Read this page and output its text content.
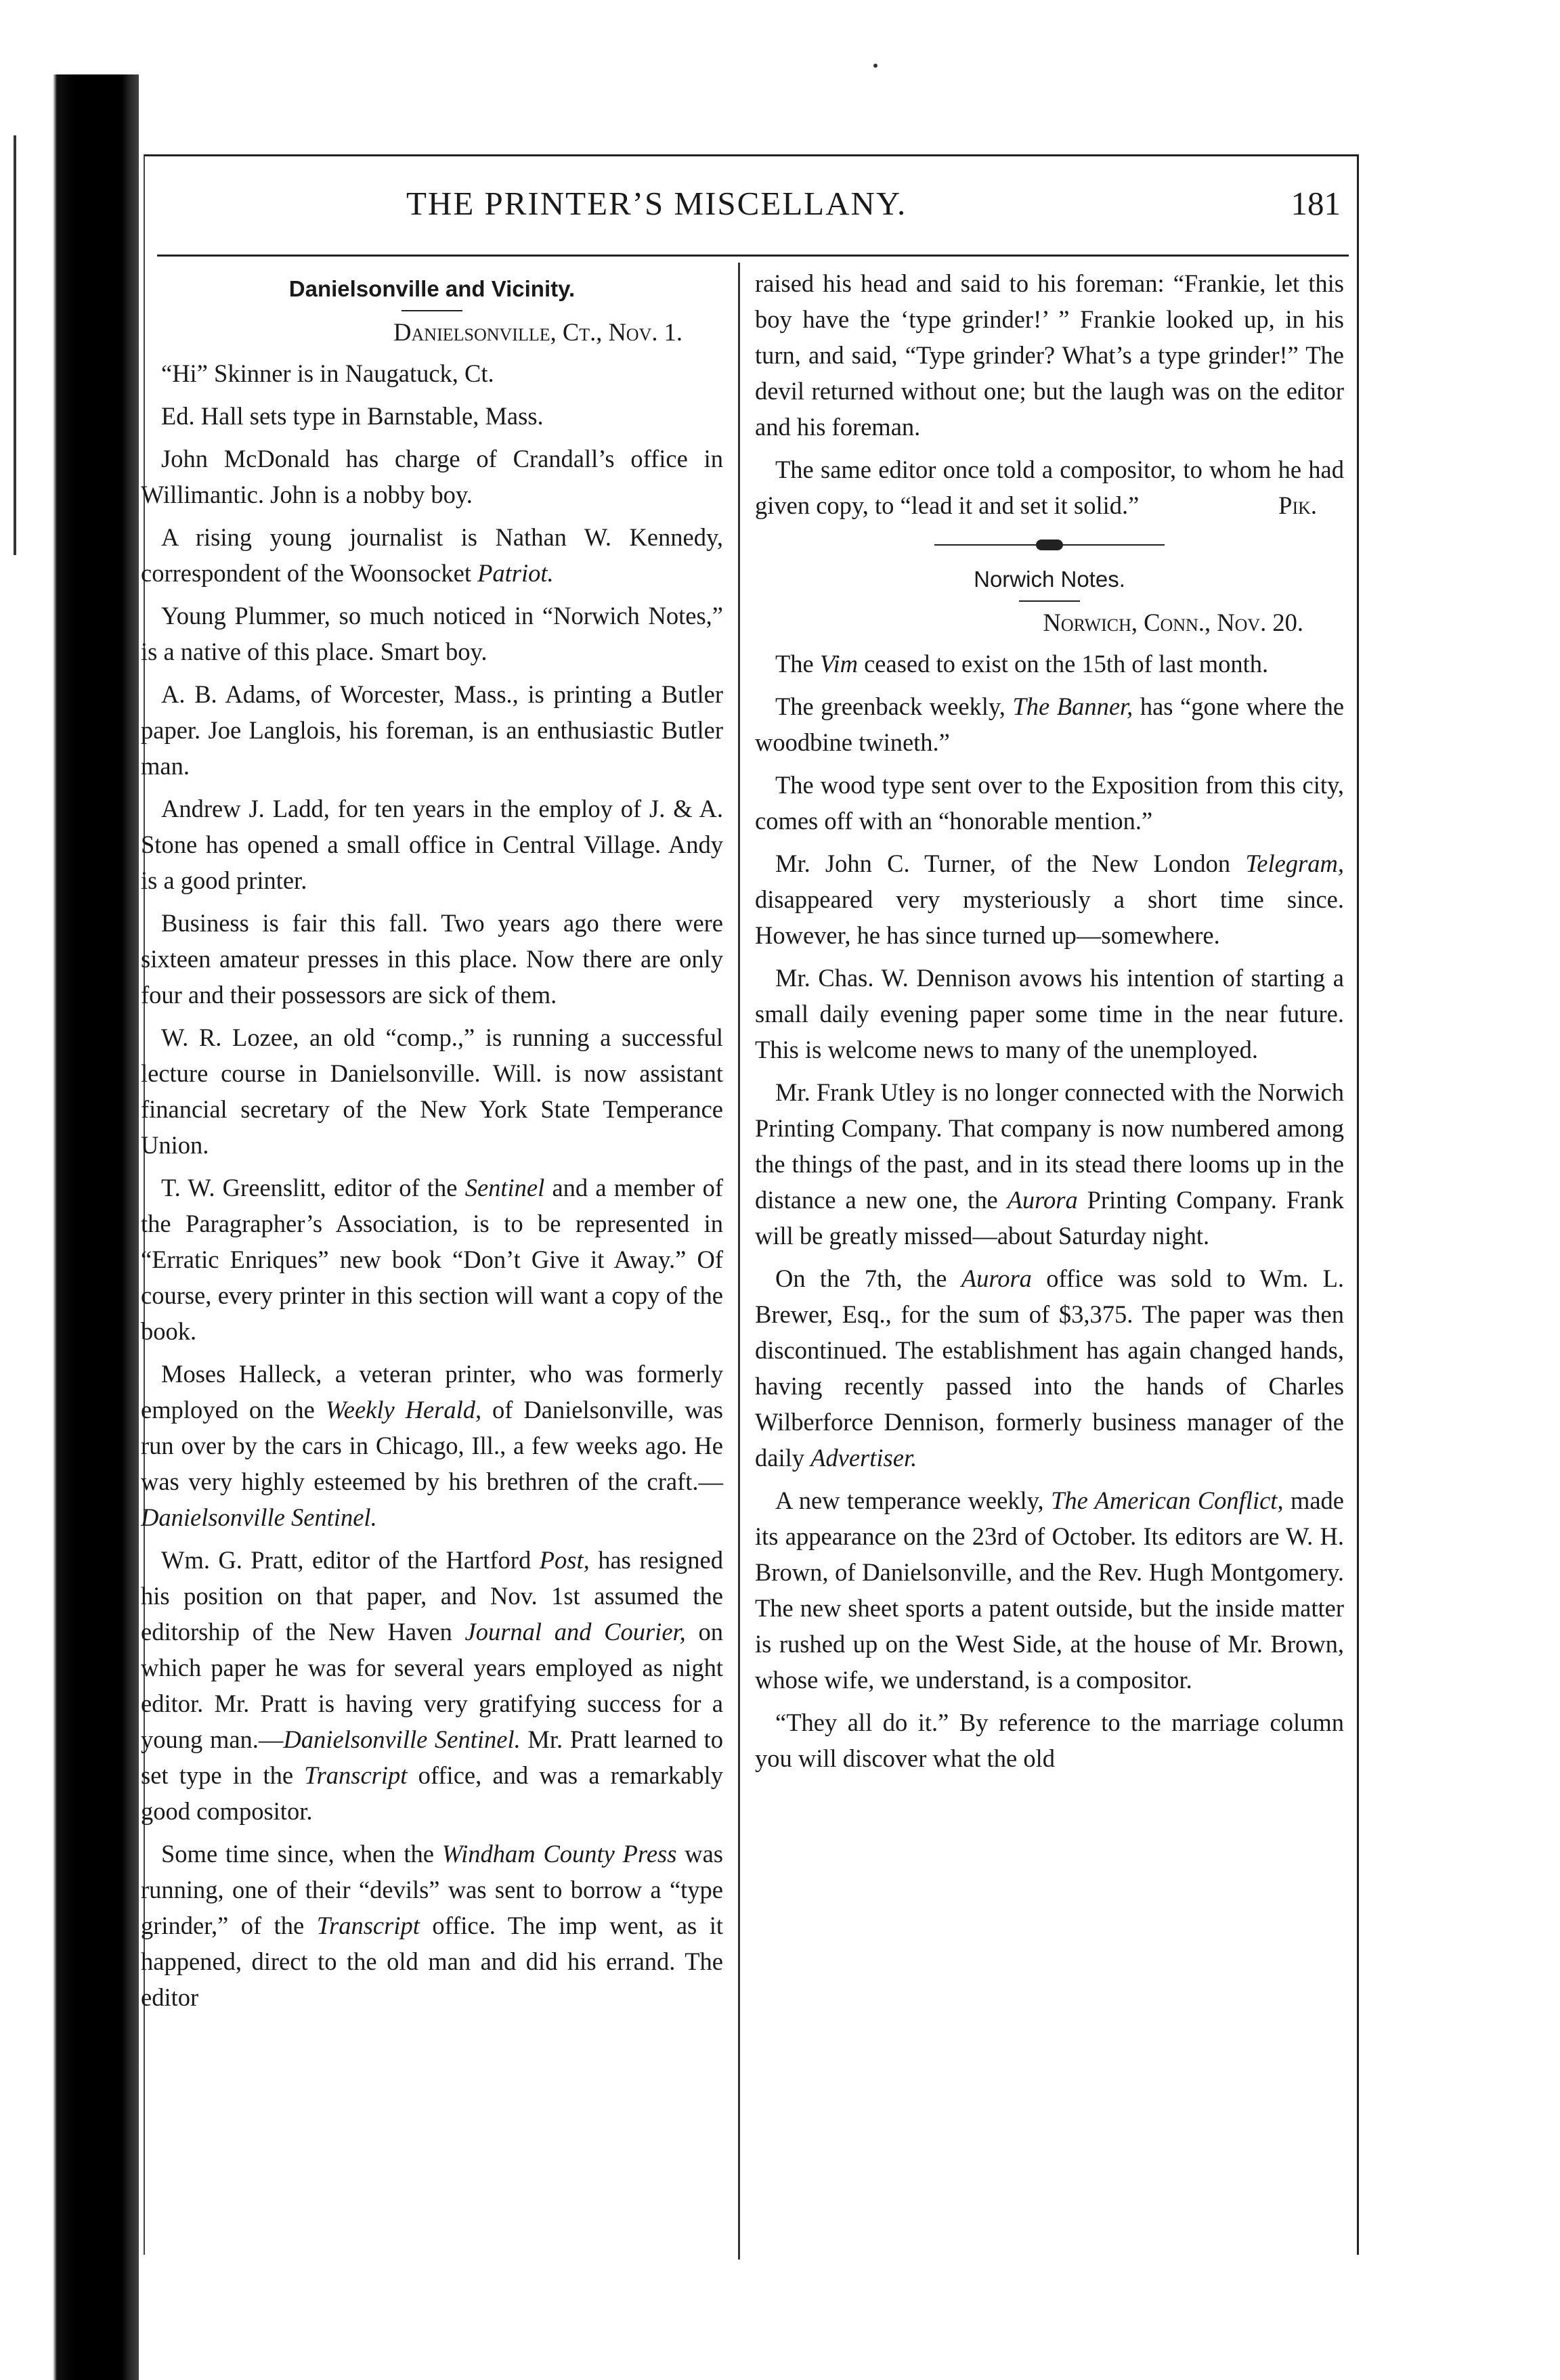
THE PRINTER’S MISCELLANY.	181
Danielsonville and Vicinity.
Danielsonville, Ct., Nov. 1.

“Hi” Skinner is in Naugatuck, Ct.

Ed. Hall sets type in Barnstable, Mass.

John McDonald has charge of Crandall’s office in Willimantic. John is a nobby boy.

A rising young journalist is Nathan W. Kennedy, correspondent of the Woonsocket Patriot.

Young Plummer, so much noticed in “Norwich Notes,” is a native of this place. Smart boy.

A. B. Adams, of Worcester, Mass., is printing a Butler paper. Joe Langlois, his foreman, is an enthusiastic Butler man.

Andrew J. Ladd, for ten years in the employ of J. & A. Stone has opened a small office in Central Village. Andy is a good printer.

Business is fair this fall. Two years ago there were sixteen amateur presses in this place. Now there are only four and their possessors are sick of them.

W. R. Lozee, an old “comp.,” is running a successful lecture course in Danielsonville. Will. is now assistant financial secretary of the New York State Temperance Union.

T. W. Greenslitt, editor of the Sentinel and a member of the Paragrapher’s Association, is to be represented in “Erratic Enriques” new book “Don’t Give it Away.” Of course, every printer in this section will want a copy of the book.

Moses Halleck, a veteran printer, who was formerly employed on the Weekly Herald, of Danielsonville, was run over by the cars in Chicago, Ill., a few weeks ago. He was very highly esteemed by his brethren of the craft.—Danielsonville Sentinel.

Wm. G. Pratt, editor of the Hartford Post, has resigned his position on that paper, and Nov. 1st assumed the editorship of the New Haven Journal and Courier, on which paper he was for several years employed as night editor. Mr. Pratt is having very gratifying success for a young man.—Danielsonville Sentinel. Mr. Pratt learned to set type in the Transcript office, and was a remarkably good compositor.

Some time since, when the Windham County Press was running, one of their “devils” was sent to borrow a “type grinder,” of the Transcript office. The imp went, as it happened, direct to the old man and did his errand. The editor

raised his head and said to his foreman: “Frankie, let this boy have the ‘type grinder!’ ” Frankie looked up, in his turn, and said, “Type grinder? What’s a type grinder!” The devil returned without one; but the laugh was on the editor and his foreman.

The same editor once told a compositor, to whom he had given copy, to “lead it and set it solid.”	Pik.

Norwich Notes.
Norwich, Conn., Nov. 20.

The Vim ceased to exist on the 15th of last month.

The greenback weekly, The Banner, has “gone where the woodbine twineth.”

The wood type sent over to the Exposition from this city, comes off with an “honorable mention.”

Mr. John C. Turner, of the New London Telegram, disappeared very mysteriously a short time since. However, he has since turned up—somewhere.

Mr. Chas. W. Dennison avows his intention of starting a small daily evening paper some time in the near future. This is welcome news to many of the unemployed.

Mr. Frank Utley is no longer connected with the Norwich Printing Company. That company is now numbered among the things of the past, and in its stead there looms up in the distance a new one, the Aurora Printing Company. Frank will be greatly missed—about Saturday night.

On the 7th, the Aurora office was sold to Wm. L. Brewer, Esq., for the sum of $3,375. The paper was then discontinued. The establishment has again changed hands, having recently passed into the hands of Charles Wilberforce Dennison, formerly business manager of the daily Advertiser.

A new temperance weekly, The American Conflict, made its appearance on the 23rd of October. Its editors are W. H. Brown, of Danielsonville, and the Rev. Hugh Montgomery. The new sheet sports a patent outside, but the inside matter is rushed up on the West Side, at the house of Mr. Brown, whose wife, we understand, is a compositor.

“They all do it.” By reference to the marriage column you will discover what the old
